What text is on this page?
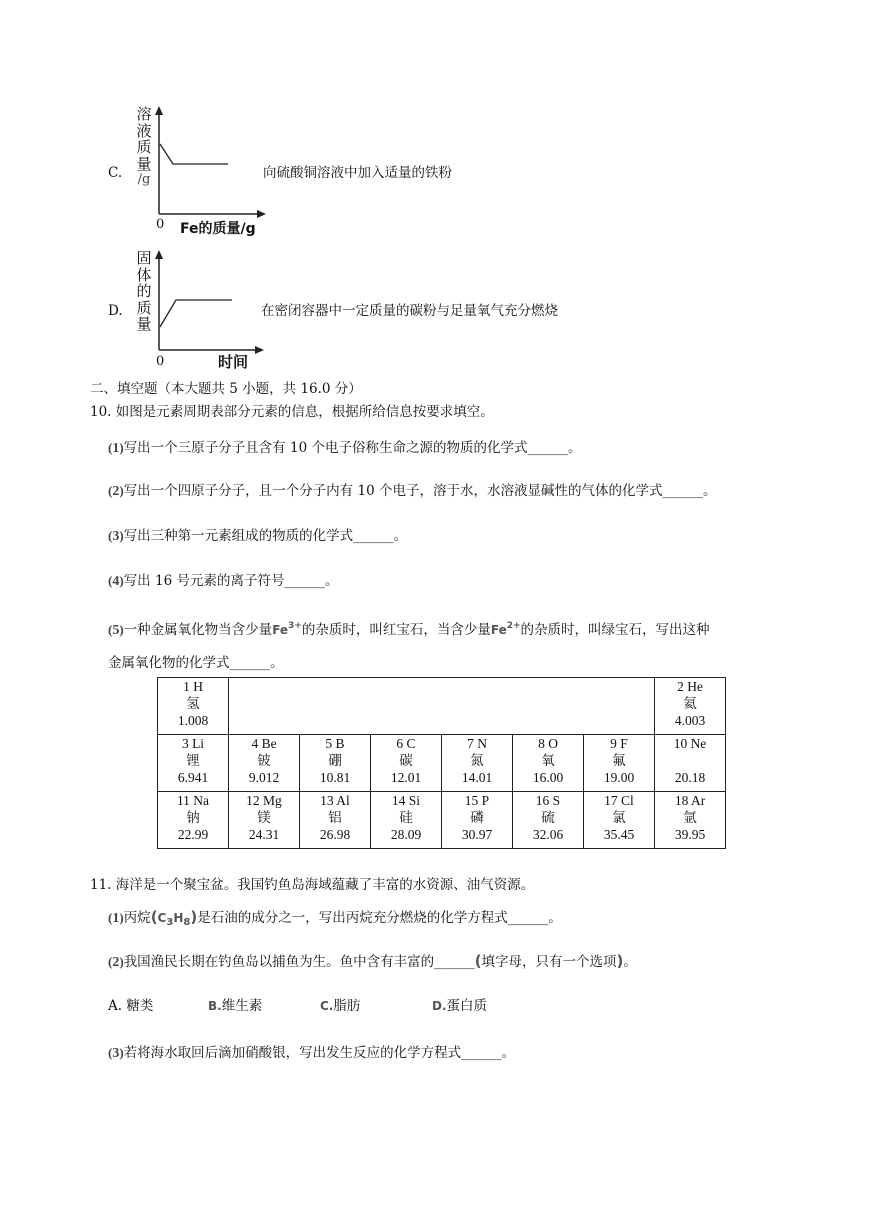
C.
溶
液
质
量
/g
0 Fe的质量/g
向硫酸铜溶液中加入适量的铁粉
D.
固
体
的
质
量
0	时间
在密闭容器中一定质量的碳粉与足量氧气充分燃烧
二、填空题（本大题共 5 小题，共 16.0 分）
10. 如图是元素周期表部分元素的信息，根据所给信息按要求填空。
(1)写出一个三原子分子且含有 10 个电子俗称生命之源的物质的化学式______。
(2)写出一个四原子分子，且一个分子内有 10 个电子，溶于水，水溶液显碱性的气体的化学式______。
(3)写出三种第一元素组成的物质的化学式______。
(4)写出 16 号元素的离子符号______。
(5)一种金属氧化物当含少量$Fe^{3+}$的杂质时，叫红宝石，当含少量$Fe^{2+}$的杂质时，叫绿宝石，写出这种
金属氧化物的化学式______。
1 H
氢
1.008							2 He
氦
4.003

3 Li
锂
6.941	4 Be
铍
9.012	5 B
硼
10.81	6 C
碳
12.01	7 N
氮
14.01	8 O
氧
16.00	9 F
氟
19.00	10 Ne
20.18

11 Na
钠
22.99	12 Mg
镁
24.31	13 Al
铝
26.98	14 Si
硅
28.09	15 P
磷
30.97	16 S
硫
32.06	17 Cl
氯
35.45	18 Ar
氩
39.95
11. 海洋是一个聚宝盆。我国钓鱼岛海域蕴藏了丰富的水资源、油气资源。
(1)丙烷$(C_3H_8)$是石油的成分之一，写出丙烷充分燃烧的化学方程式______。
(2)我国渔民长期在钓鱼岛以捕鱼为生。鱼中含有丰富的______(填字母，只有一个选项)。
A. 糖类	B.维生素	C.脂肪	D.蛋白质
(3)若将海水取回后滴加硝酸银，写出发生反应的化学方程式______。
